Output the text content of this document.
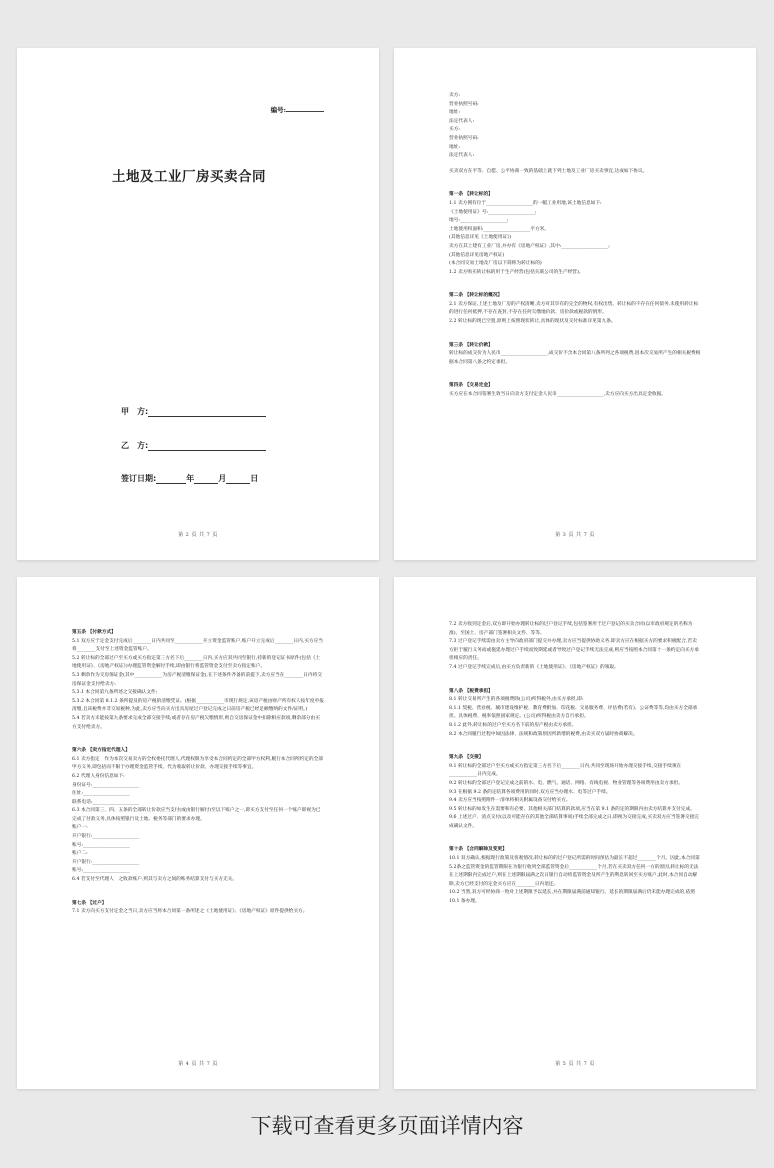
编号:
土地及工业厂房买卖合同
甲　方:
乙　方:
签订日期:	年	月	日
第 2 页 共 7 页

卖方:

营业执照号码:

地址:

法定代表人:

买方:

营业执照号码:

地址:

法定代表人:

买卖双方在平等、自愿、公平协商一致的基础上就下列土地及工业厂房买卖事宜,达成如下协议。

第一条 【转让标的】

1.1 卖方拥有位于____________________的一幅工业用地,该土地信息如下:

《土地使用证》号:____________________;

地号:____________________;

土地使用权面积:____________________平方米。

(其他信息详见《土地使用证》)

卖方在其上建有工业厂房,并办有《房地产权证》,其中:____________________;

(其他信息详见房地产权证)

(本合同交易土地及厂房以下简称为转让标的)

1.2 卖方购买转让标的用于生产经营(包括关联公司的生产经营)。

第二条 【转让标的概况】

2.1 卖方保证,上述土地及厂房的产权清晰,卖方对其享有的完全的物权,有权出售。转让标的不存在任何债务,未使用转让标的进行任何抵押,不存在查封,不存在任何欠缴地价款、房价款或税款的情形。

2.2 转让标的现已空置,原则上按照现状转让,具体的现状及交付标准详见第九条。

第三条 【转让价款】

转让标的成交价为人民币____________________,成交价不含本合同第八条所列之各项税费,因本次交易所产生的相关税费根据本合同第八条之约定承担。

第四条 【交易定金】

买方应在本合同签署生效当日向卖方支付定金人民币____________________,卖方应向买方出具定金收据。

第 3 页 共 7 页

第五条 【付款方式】

5.1 双方应于定金支付完成后________日内共同至____________开立资金监管账户,账户开立完成后________日内,买方应当将________支付至上述资金监管账户。

5.2 转让标的全部过户至买方或买方指定第三方名下后________日内,买方应双共同至银行,持新的登记证书原件(包括《土地使用证》、《房地产权证》)办理监管资金解付手续,即由银行将监管资金支付至卖方指定账户。

5.3 剩余作为交房保证金(其中____________为房产税清缴保证金),在下述条件齐备的前提下,卖方应当在________日内将交房保证金支付给卖方:

5.3.1 本合同第九条所述之交接确认文件;

5.3.2 本合同第 8.1.2 条所提及的房产税的清缴凭证。(根据____________市现行规定,该房产税由财产所有权人按年度申报清缴,且该税费并非交易税种,为此,卖方应当向买方出具房屋过户登记完成之日前房产税已经足额缴纳的文件/证明。)

5.4 若卖方未能按第九条要求完成全部交接手续;或者存在房产税欠缴情形,则自交房保证金中扣除相应款项,剩余部分由买方支付给卖方。

第六条 【卖方指定代理人】

6.1 卖方指定　作为本次交易卖方的全权委托代理人,代理权限为享受本合同约定的全部甲方权利,履行本合同所约定的全部甲方义务,即包括而不限于办理资金监管手续、代为收取转让价款、办理交接手续等事宜。

6.2 代理人身份信息如下:

身份证号:____________________

住址:____________________

联系电话:____________________

6.3 本合同第三、四、五条的全部转让价款应当支付(或由银行解付)至以下账户之一,即买方支付至任何一个账户即视为已完成了付款义务,具体按照银行及土地、税务等部门的要求办理。

账户一:

开户银行:____________________

账号:____________________

账户二:

开户银行:____________________

账号:____________________

6.4 若支付至代理人　之收款账户,则其与卖方之间的账务结算支付与买方无关。

第七条 【过户】

7.1 卖方向买方支付定金之当日,卖方应当将本合同第一条所述之《土地使用证》、《房地产权证》原件提供给买方。

第 4 页 共 7 页

7.2 卖方收到定金后,双方即开始办理转让标的过户登记手续,包括签署用于过户登记的买卖合同(以市政府规定的名称为准)、至国土、房产部门签署相关文件、等等。

7.3 过户登记手续需由卖方主导向政府部门提交并办理,卖方应当提供协助义务,即卖方应在根据买方的要求积极配合,若卖方拒于履行义务而或拖延办理过户手续而致期延或者导致过户登记手续无法完成,则应当按照本合同第十一条约定向买方承担相应的责任。

7.4 过户登记手续完成后,由买方负责新的《土地使用证》、《房地产权证》的领取。

第八条 【税费承担】

8.1 转让交易所产生的各项税费除(公司)所得税外,由买方承担,即:

8.1.1 契税、营业税、城市建设维护税、教育费附加、印花税、交易服务费、评估费(若有)、公证费等等,均由买方全部承担。具体税费、税率依照国家规定。(公司)所得税由卖方自行承担。

8.1.2 此外,转让标的过户至买方名下前的房产税由卖方承担。

8.2 本合同履行过程中如因法律、法规和政策原因所新增的税费,由卖买双方届时协商解决。

第九条 【交接】

9.1 转让标的全部过户至买方或买方指定第三方名下后________日内,共同至现场开始办理交接手续,交接手续须在____________日内完成。

9.2 转让标的全部过户登记完成之前的水、电、燃气、通话、网络、有线电视、物业管理等各项费用由卖方承担。

9.3 在根据 9.2 条的定结算各项费用的同时,双方应当办理水、电等过户手续。

9.4 卖方应当按照附件一清单将相关附属设备交付给买方。

9.5 转让标的如发生在需要和有必要、其他相关部门结算的款项,应当在第 9.1 条的定的期限内由卖方结算并支付完成。

9.6 上述过户、清点交付(以及可能存在的其他全部结算事项)手续全部完成之日,即视为交接完成,买卖双方应当签署交接完成确认文件。

第十条 【合同解除及变更】

10.1 双方确认,根据现行政策及客观情况,转让标的的过户登记所需的时间预估为最长不超过________个月。因此,本合同第5.2条之监管资金的监管期限在为银行收到全部监管资金后____________个月,若在买卖双方任何一方的原因,转让标的无法在上述期限内完成过户,则在上述期限届满之次日银行自动将监管资金及所产生的利息转回至买方账户,此时,本合同自动解除,卖方已经支付的定金买方应在________日内退还。

10.2 当然,双方可经协商一致对上述期限予以延长,并在期限届满前通知银行。延长的期限届满后仍未能办理完成的,依照 10.1 条办理。

第 5 页 共 7 页
下载可查看更多页面详情内容
